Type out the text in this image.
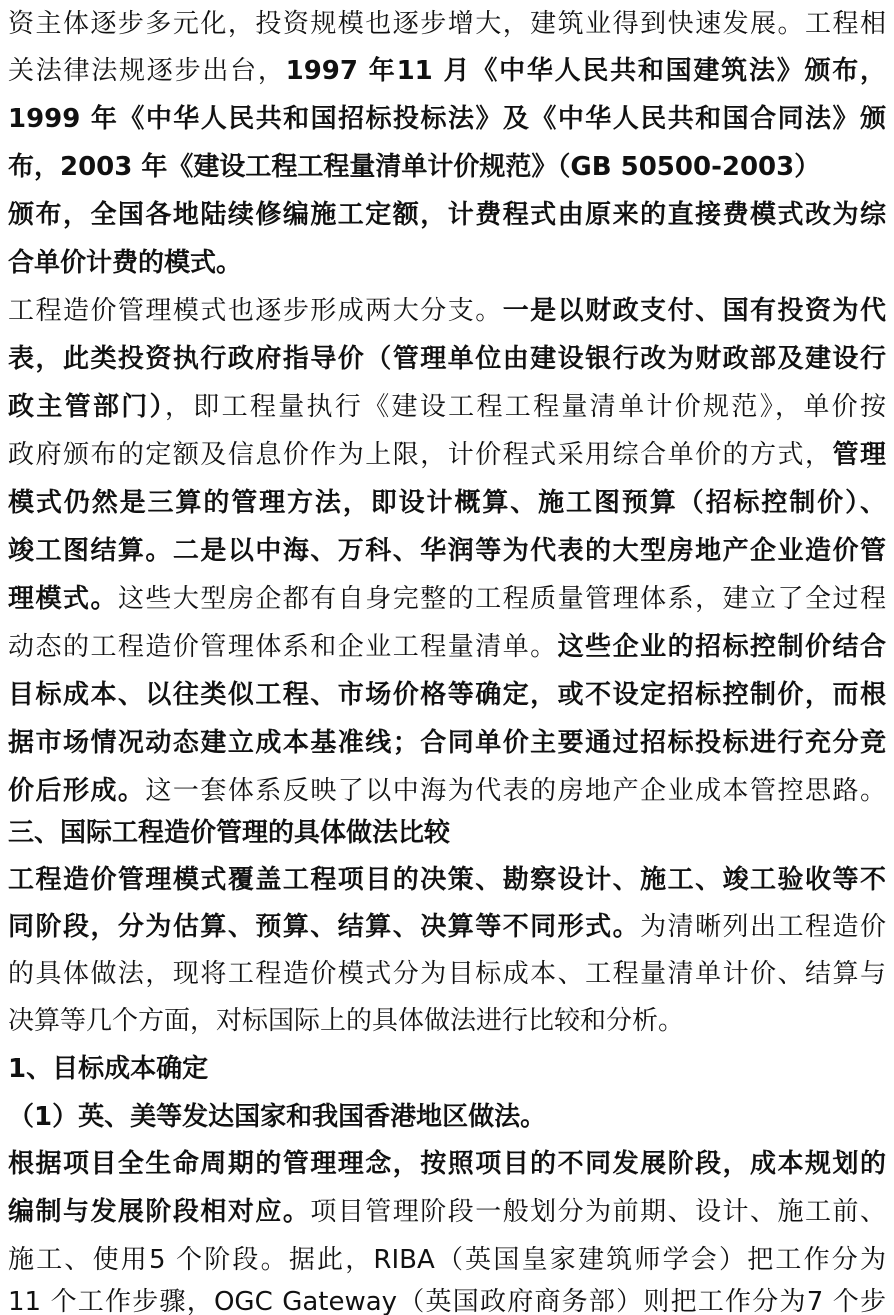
资主体逐步多元化，投资规模也逐步增大，建筑业得到快速发展。工程相
关法律法规逐步出台，1997 年11 月《中华人民共和国建筑法》颁布，
1999 年《中华人民共和国招标投标法》及《中华人民共和国合同法》颁
布，2003 年《建设工程工程量清单计价规范》（GB 50500-2003）
颁布，全国各地陆续修编施工定额，计费程式由原来的直接费模式改为综
合单价计费的模式。
工程造价管理模式也逐步形成两大分支。一是以财政支付、国有投资为代
表，此类投资执行政府指导价（管理单位由建设银行改为财政部及建设行
政主管部门），即工程量执行《建设工程工程量清单计价规范》，单价按
政府颁布的定额及信息价作为上限，计价程式采用综合单价的方式，管理
模式仍然是三算的管理方法，即设计概算、施工图预算（招标控制价）、
竣工图结算。二是以中海、万科、华润等为代表的大型房地产企业造价管
理模式。这些大型房企都有自身完整的工程质量管理体系，建立了全过程
动态的工程造价管理体系和企业工程量清单。这些企业的招标控制价结合
目标成本、以往类似工程、市场价格等确定，或不设定招标控制价，而根
据市场情况动态建立成本基准线；合同单价主要通过招标投标进行充分竞
价后形成。这一套体系反映了以中海为代表的房地产企业成本管控思路。
三、国际工程造价管理的具体做法比较
工程造价管理模式覆盖工程项目的决策、勘察设计、施工、竣工验收等不
同阶段，分为估算、预算、结算、决算等不同形式。为清晰列出工程造价
的具体做法，现将工程造价模式分为目标成本、工程量清单计价、结算与
决算等几个方面，对标国际上的具体做法进行比较和分析。
1、目标成本确定
（1）英、美等发达国家和我国香港地区做法。
根据项目全生命周期的管理理念，按照项目的不同发展阶段，成本规划的
编制与发展阶段相对应。项目管理阶段一般划分为前期、设计、施工前、
施工、使用5 个阶段。据此，RIBA（英国皇家建筑师学会）把工作分为
11 个工作步骤，OGC Gateway（英国政府商务部）则把工作分为7 个步
